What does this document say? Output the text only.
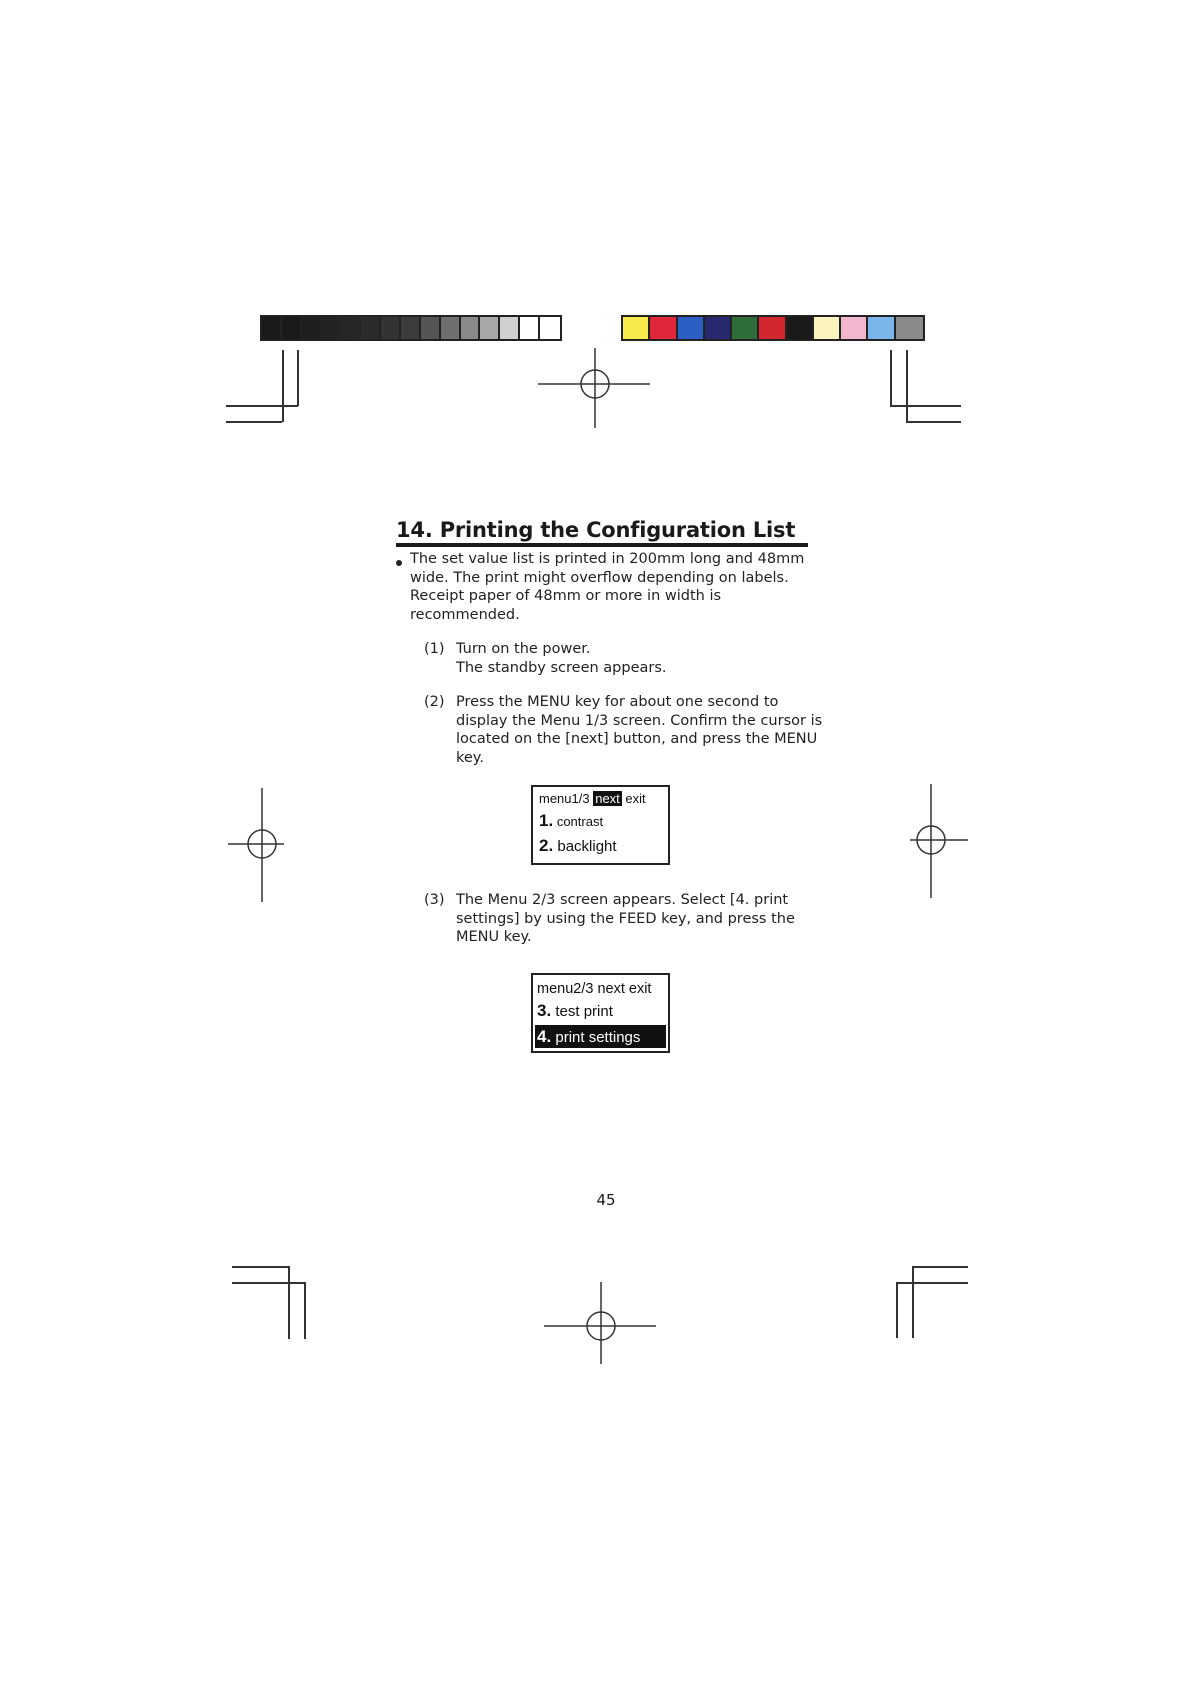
14. Printing the Configuration List
The set value list is printed in 200mm long and 48mm
wide. The print might overflow depending on labels.
Receipt paper of 48mm or more in width is
recommended.
(1) Turn on the power.
The standby screen appears.
(2) Press the MENU key for about one second to
display the Menu 1/3 screen. Confirm the cursor is
located on the [next] button, and press the MENU
key.
menu1/3 next exit
1. contrast
2. backlight
(3) The Menu 2/3 screen appears. Select [4. print
settings] by using the FEED key, and press the
MENU key.
menu2/3 next exit
3. test print
4. print settings
45
